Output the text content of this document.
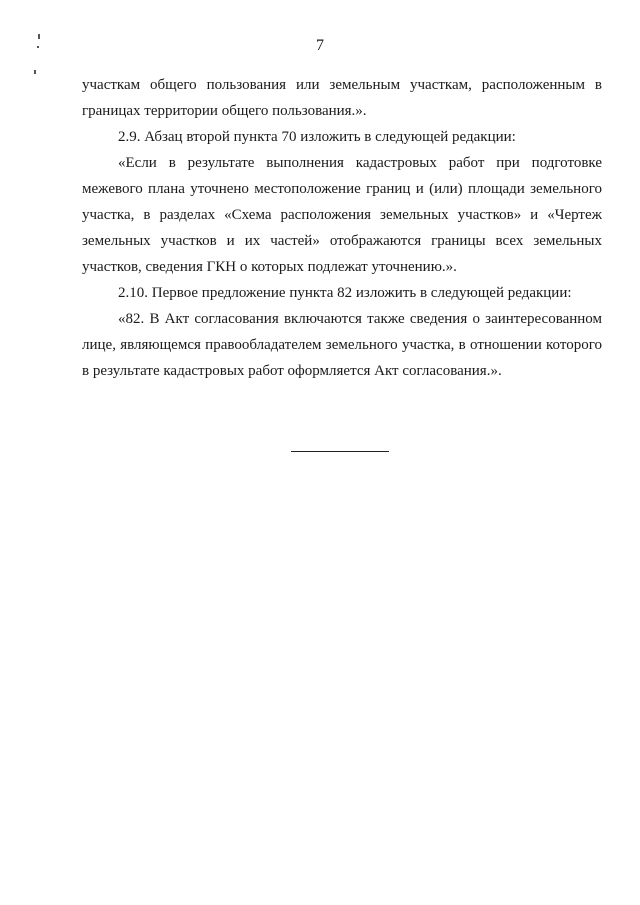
7

участкам общего пользования или земельным участкам, расположенным в границах территории общего пользования.».

2.9. Абзац второй пункта 70 изложить в следующей редакции:

«Если в результате выполнения кадастровых работ при подготовке межевого плана уточнено местоположение границ и (или) площади земельного участка, в разделах «Схема расположения земельных участков» и «Чертеж земельных участков и их частей» отображаются границы всех земельных участков, сведения ГКН о которых подлежат уточнению.».

2.10. Первое предложение пункта 82 изложить в следующей редакции:

«82. В Акт согласования включаются также сведения о заинтересованном лице, являющемся правообладателем земельного участка, в отношении которого в результате кадастровых работ оформляется Акт согласования.».
